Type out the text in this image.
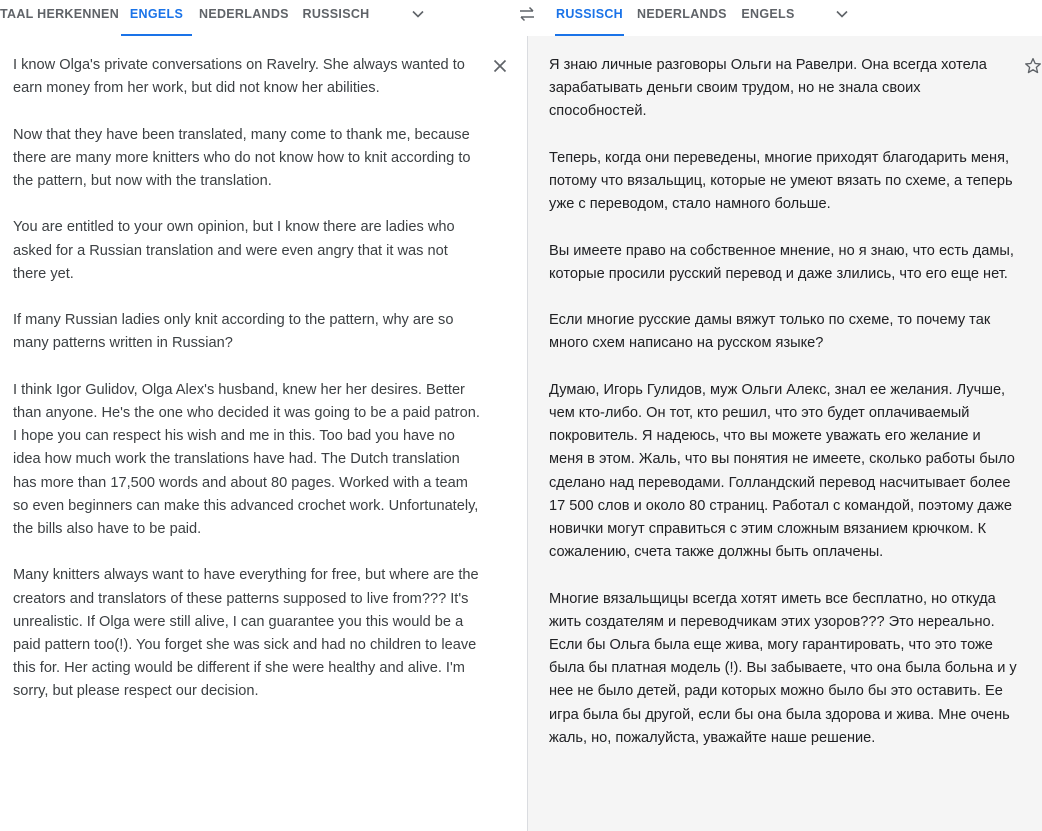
TAAL HERKENNEN ENGELS	NEDERLANDS RUSSISCH	RUSSISCH NEDERLANDS ENGELS

I know Olga's private conversations on Ravelry. She always wanted to earn money from her work, but did not know her abilities.

Now that they have been translated, many come to thank me, because there are many more knitters who do not know how to knit according to the pattern, but now with the translation.

You are entitled to your own opinion, but I know there are ladies who asked for a Russian translation and were even angry that it was not there yet.

If many Russian ladies only knit according to the pattern, why are so many patterns written in Russian?

I think Igor Gulidov, Olga Alex's husband, knew her her desires. Better than anyone. He's the one who decided it was going to be a paid patron. I hope you can respect his wish and me in this. Too bad you have no idea how much work the translations have had. The Dutch translation has more than 17,500 words and about 80 pages. Worked with a team so even beginners can make this advanced crochet work. Unfortunately, the bills also have to be paid.

Many knitters always want to have everything for free, but where are the creators and translators of these patterns supposed to live from??? It's unrealistic. If Olga were still alive, I can guarantee you this would be a paid pattern too(!). You forget she was sick and had no children to leave this for. Her acting would be different if she were healthy and alive. I'm sorry, but please respect our decision.

Я знаю личные разговоры Ольги на Равелри. Она всегда хотела зарабатывать деньги своим трудом, но не знала своих способностей.

Теперь, когда они переведены, многие приходят благодарить меня, потому что вязальщиц, которые не умеют вязать по схеме, а теперь уже с переводом, стало намного больше.

Вы имеете право на собственное мнение, но я знаю, что есть дамы, которые просили русский перевод и даже злились, что его еще нет.

Если многие русские дамы вяжут только по схеме, то почему так много схем написано на русском языке?

Думаю, Игорь Гулидов, муж Ольги Алекс, знал ее желания. Лучше, чем кто-либо. Он тот, кто решил, что это будет оплачиваемый покровитель. Я надеюсь, что вы можете уважать его желание и меня в этом. Жаль, что вы понятия не имеете, сколько работы было сделано над переводами. Голландский перевод насчитывает более 17 500 слов и около 80 страниц. Работал с командой, поэтому даже новички могут справиться с этим сложным вязанием крючком. К сожалению, счета также должны быть оплачены.

Многие вязальщицы всегда хотят иметь все бесплатно, но откуда жить создателям и переводчикам этих узоров??? Это нереально. Если бы Ольга была еще жива, могу гарантировать, что это тоже была бы платная модель (!). Вы забываете, что она была больна и у нее не было детей, ради которых можно было бы это оставить. Ее игра была бы другой, если бы она была здорова и жива. Мне очень жаль, но, пожалуйста, уважайте наше решение.
